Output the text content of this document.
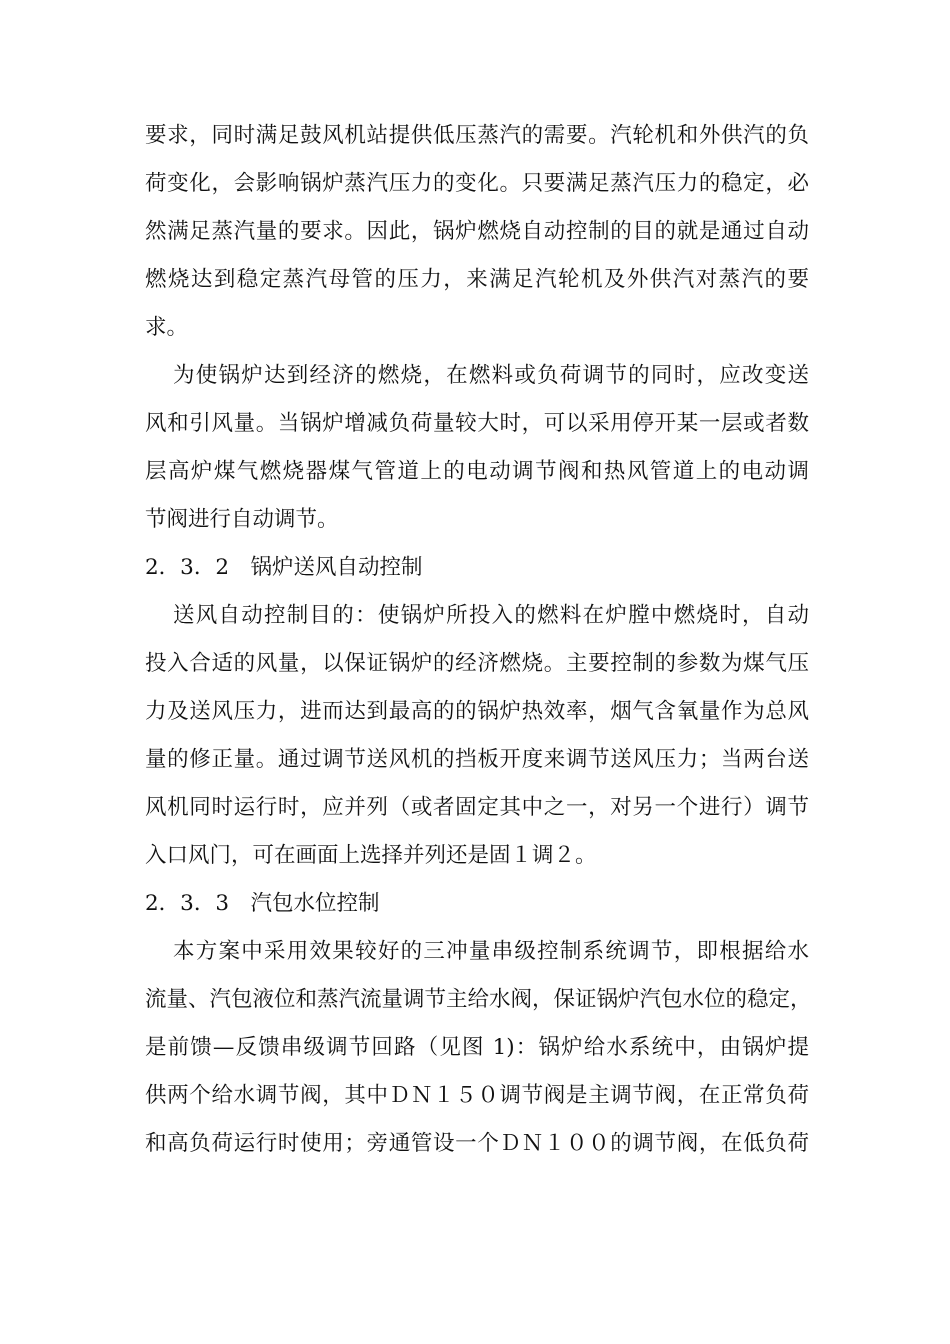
要求，同时满足鼓风机站提供低压蒸汽的需要。汽轮机和外供汽的负
荷变化，会影响锅炉蒸汽压力的变化。只要满足蒸汽压力的稳定，必
然满足蒸汽量的要求。因此，锅炉燃烧自动控制的目的就是通过自动
燃烧达到稳定蒸汽母管的压力，来满足汽轮机及外供汽对蒸汽的要
求。
为使锅炉达到经济的燃烧，在燃料或负荷调节的同时，应改变送
风和引风量。当锅炉增减负荷量较大时，可以采用停开某一层或者数
层高炉煤气燃烧器煤气管道上的电动调节阀和热风管道上的电动调
节阀进行自动调节。
2．3．2　锅炉送风自动控制
送风自动控制目的：使锅炉所投入的燃料在炉膛中燃烧时，自动
投入合适的风量，以保证锅炉的经济燃烧。主要控制的参数为煤气压
力及送风压力，进而达到最高的的锅炉热效率，烟气含氧量作为总风
量的修正量。通过调节送风机的挡板开度来调节送风压力；当两台送
风机同时运行时，应并列（或者固定其中之一，对另一个进行）调节
入口风门，可在画面上选择并列还是固１调２。
2．3．3　汽包水位控制
本方案中采用效果较好的三冲量串级控制系统调节，即根据给水
流量、汽包液位和蒸汽流量调节主给水阀，保证锅炉汽包水位的稳定，
是前馈—反馈串级调节回路（见图 1)：锅炉给水系统中，由锅炉提
供两个给水调节阀，其中ＤＮ１５０调节阀是主调节阀，在正常负荷
和高负荷运行时使用；旁通管设一个ＤＮ１００的调节阀，在低负荷
